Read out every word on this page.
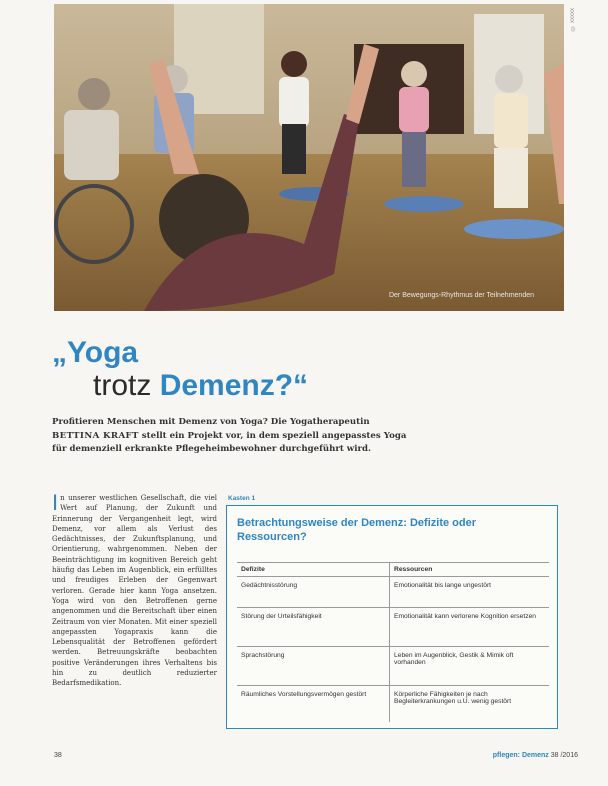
Der Bewegungs-Rhythmus der Teilnehmenden
© xxxxx
„Yoga
trotz Demenz?“
Profitieren Menschen mit Demenz von Yoga? Die Yogatherapeutin
BETTINA KRAFT stellt ein Projekt vor, in dem speziell angepasstes Yoga
für demenziell erkrankte Pflegeheimbewohner durchgeführt wird.
In unserer westlichen Gesellschaft, die viel Wert auf Planung, der Zukunft und Erinnerung der Vergangenheit legt, wird Demenz, vor allem als Verlust des Gedächtnisses, der Zukunftsplanung, und Orientierung, wahrgenommen. Neben der Beeinträchtigung im kognitiven Bereich geht häufig das Leben im Augenblick, ein erfülltes und freudiges Erleben der Gegenwart verloren. Gerade hier kann Yoga ansetzen. Yoga wird von den Betroffenen gerne angenommen und die Bereitschaft über einen Zeitraum von vier Monaten. Mit einer speziell angepassten Yogapraxis kann die Lebensqualität der Betroffenen gefördert werden. Betreuungskräfte beobachten positive Veränderungen ihres Verhaltens bis hin zu deutlich reduzierter Bedarfsmedikation.
Kasten 1
Betrachtungsweise der Demenz: Defizite oder Ressourcen?
Defizite	Ressourcen
Gedächtnisstörung	Emotionalität bis lange ungestört
Störung der Urteilsfähigkeit	Emotionalität kann verlorene Kognition ersetzen
Sprachstörung	Leben im Augenblick, Gestik & Mimik oft vorhanden
Räumliches Vorstellungsvermögen gestört	Körperliche Fähigkeiten je nach Begleiterkrankungen u.U. wenig gestört
38	pflegen: Demenz 38 /2016
